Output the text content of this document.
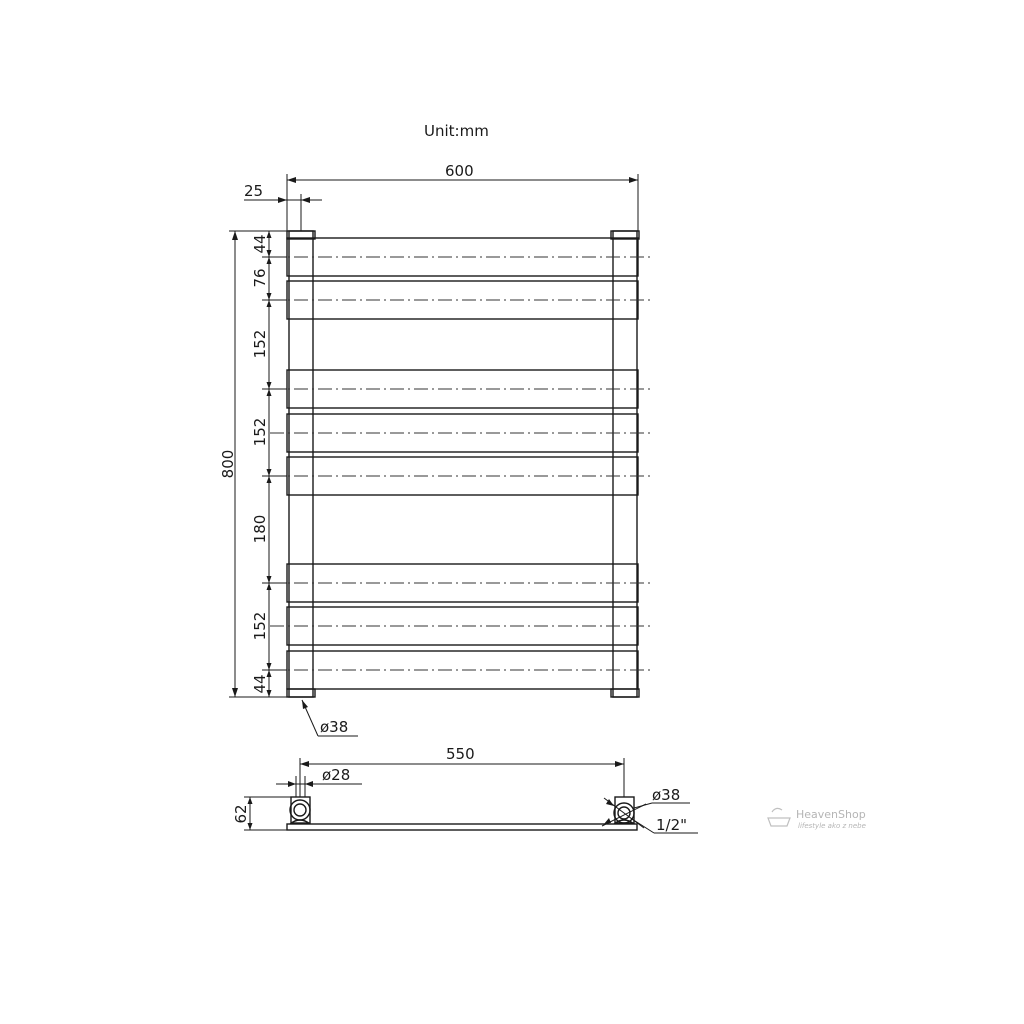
Unit:mm
600
25
800
44
76
152
152
180
152
44
ø38
550
ø28
62
ø38
1/2"
HeavenShop
lifestyle ako z nebe
